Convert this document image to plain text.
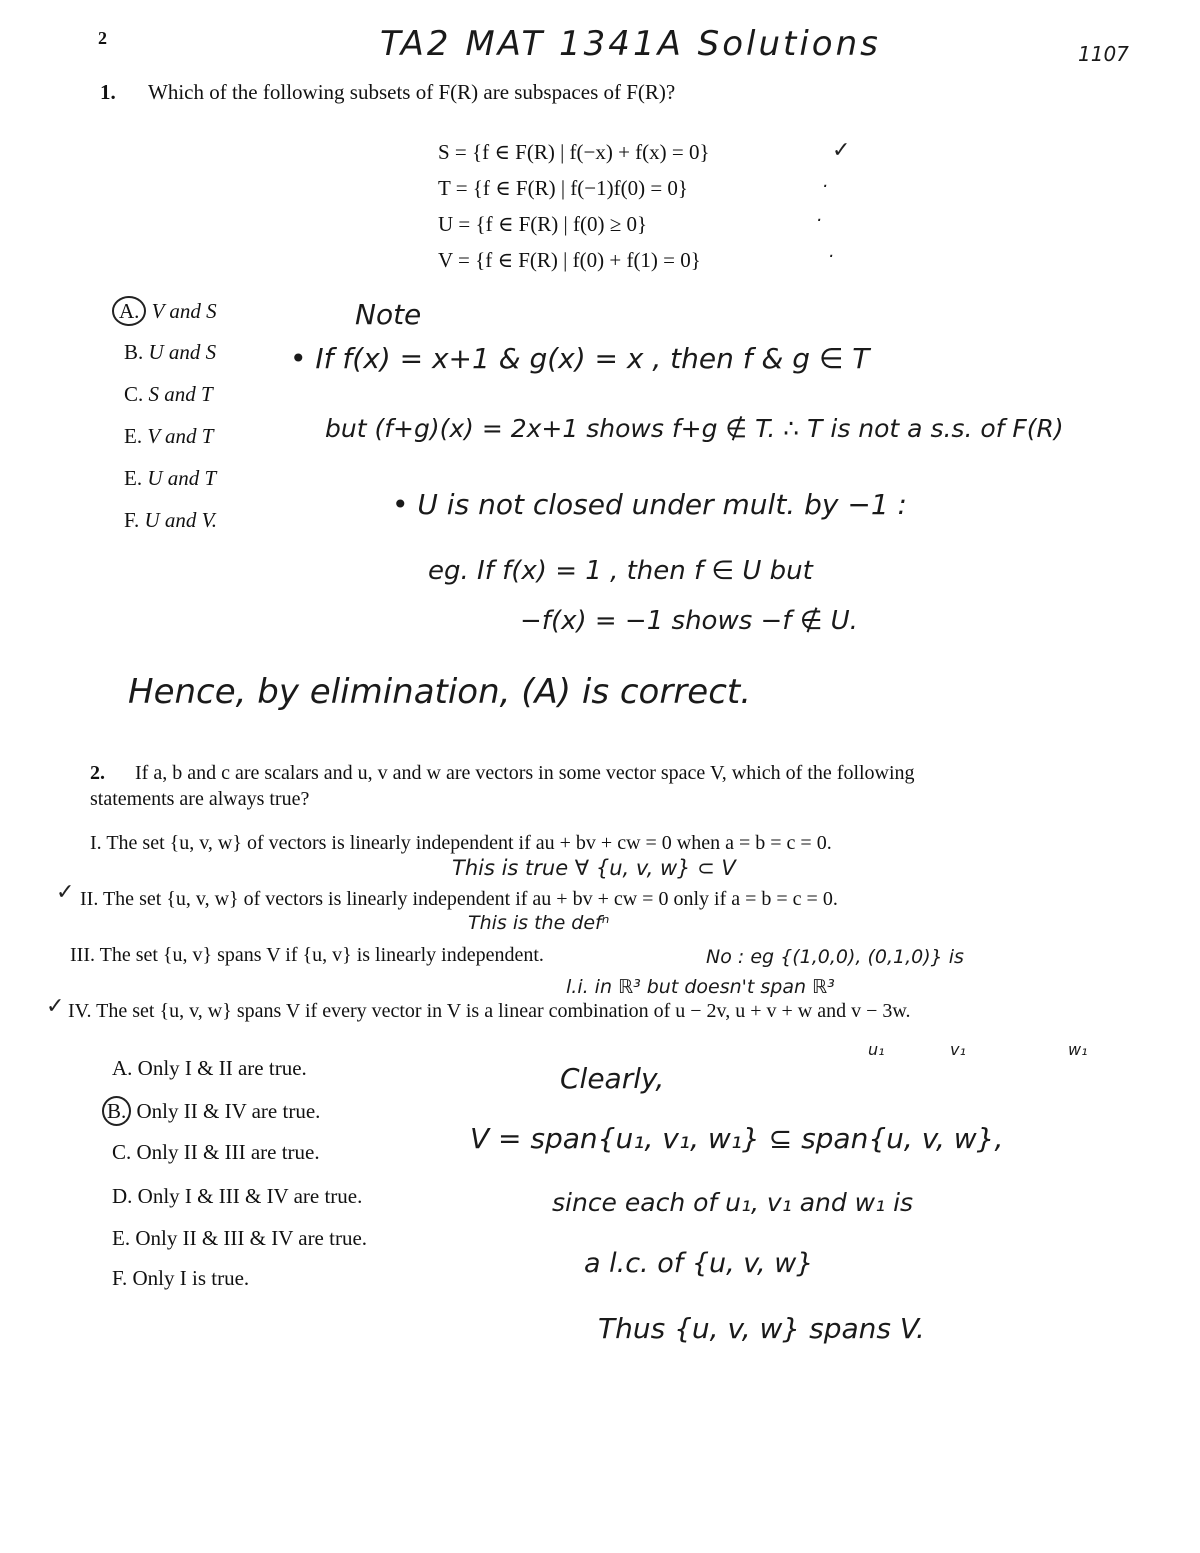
2	TA2 MAT 1341A Solutions	1107
1. Which of the following subsets of F(R) are subspaces of F(R)?
S = {f ∈ F(R) | f(−x) + f(x) = 0}	✓
T = {f ∈ F(R) | f(−1)f(0) = 0}	·
U = {f ∈ F(R) | f(0) ≥ 0}	·
V = {f ∈ F(R) | f(0) + f(1) = 0}	·
A. V and S
B. U and S
C. S and T
E. V and T
E. U and T
F. U and V.
Note
• If f(x) = x+1 & g(x) = x , then f & g ∈ T
but (f+g)(x) = 2x+1 shows f+g ∉ T. ∴ T is not a s.s. of F(R)
• U is not closed under mult. by −1 :
eg. If f(x) = 1 , then f ∈ U but
−f(x) = −1 shows −f ∉ U.
Hence, by elimination, (A) is correct.
2. If a, b and c are scalars and u, v and w are vectors in some vector space V, which of the following
statements are always true?
I. The set {u, v, w} of vectors is linearly independent if au + bv + cw = 0 when a = b = c = 0.
This is true ∀ {u, v, w} ⊂ V
✓ II. The set {u, v, w} of vectors is linearly independent if au + bv + cw = 0 only if a = b = c = 0.
This is the defⁿ
III. The set {u, v} spans V if {u, v} is linearly independent.	No : eg {(1,0,0), (0,1,0)} is
l.i. in ℝ³ but doesn't span ℝ³
✓ IV. The set {u, v, w} spans V if every vector in V is a linear combination of u − 2v, u + v + w and v − 3w.
u₁	v₁	w₁
A. Only I & II are true.
B. Only II & IV are true.
C. Only II & III are true.
D. Only I & III & IV are true.
E. Only II & III & IV are true.
F. Only I is true.
Clearly,
V = span{u₁, v₁, w₁} ⊆ span{u, v, w},
since each of u₁, v₁ and w₁ is
a l.c. of {u, v, w}
Thus {u, v, w} spans V.
